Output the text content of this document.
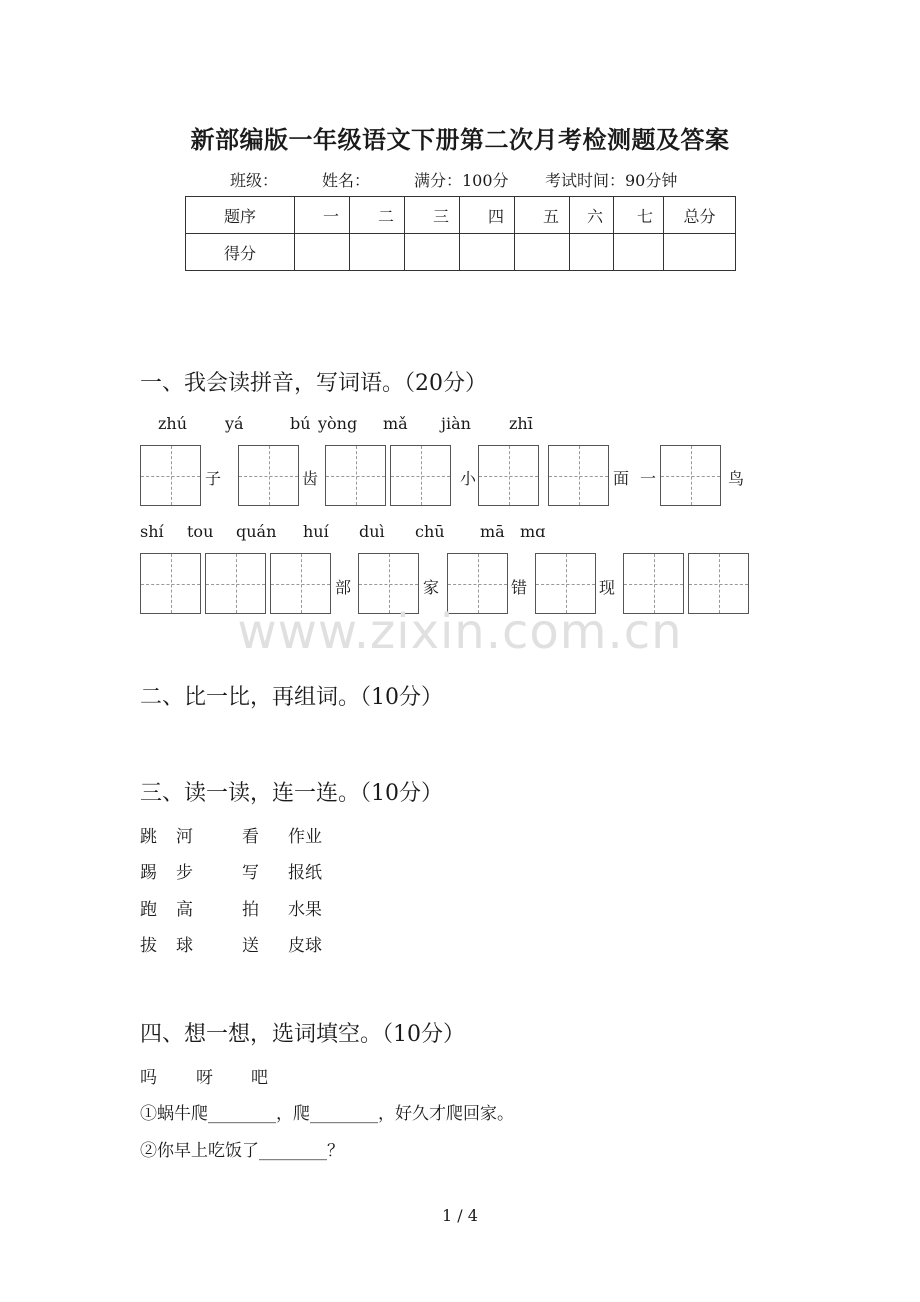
新部编版一年级语文下册第二次月考检测题及答案
班级：	姓名：	满分：100分 考试时间：90分钟
题序	一	二	三	四	五	六	七	总分
得分								
一、我会读拼音，写词语。（20分）
zhú yá	bú yòng mǎ jiàn zhī
子	齿	小	面 一	鸟
shí tou quán huí duì chū mā mɑ
部	家	错	现
www.zixin.com.cn
二、比一比，再组词。（10分）
三、读一读，连一连。（10分）
跳 河	看 作业
踢 步	写 报纸
跑 高	拍 水果
拔 球	送 皮球
四、想一想，选词填空。（10分）
吗 呀 吧
①蜗牛爬________，爬________，好久才爬回家。
②你早上吃饭了________？
1 / 4
